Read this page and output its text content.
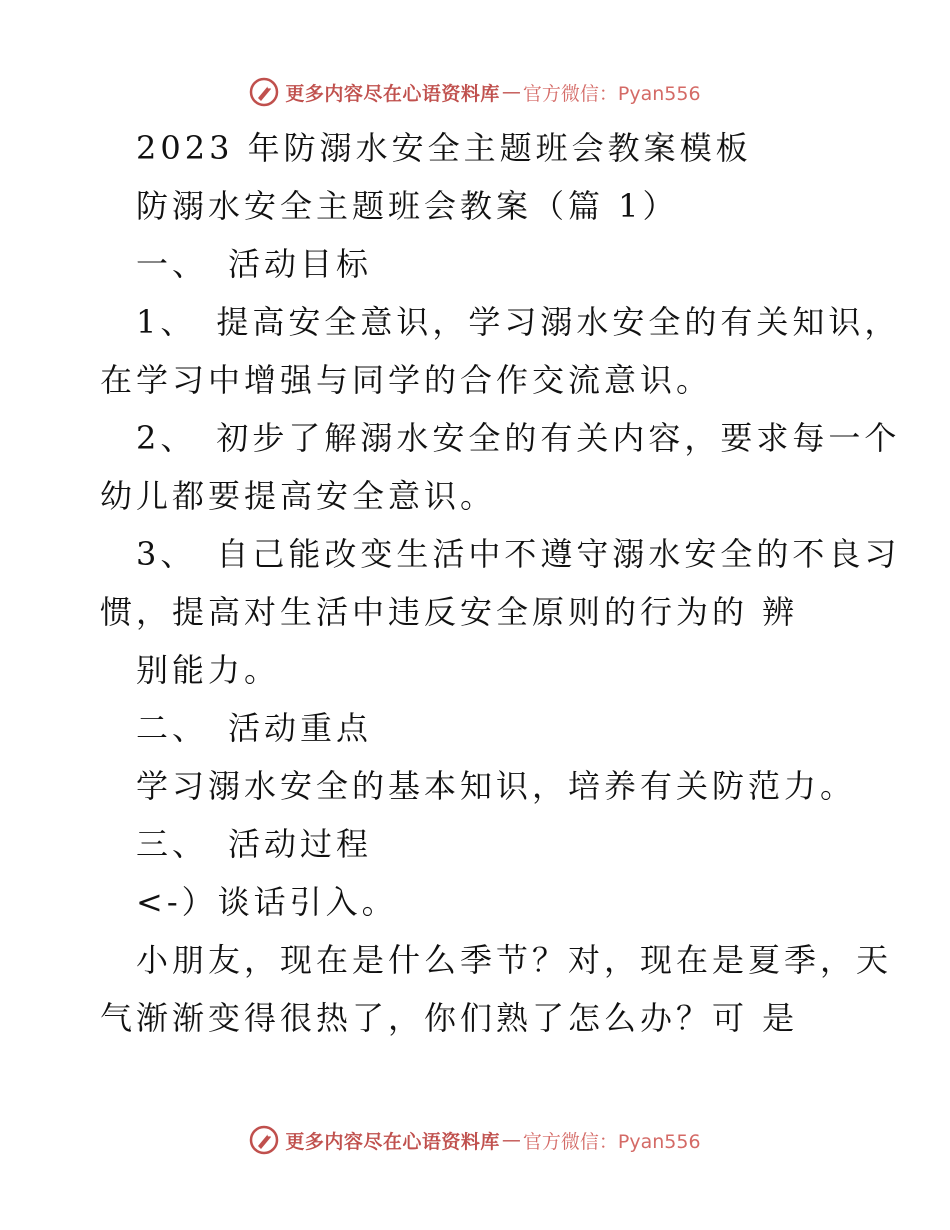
更多内容尽在心语资料库 — 官方微信：Pyan556
2023 年防溺水安全主题班会教案模板
防溺水安全主题班会教案（篇 1）
一、　活动目标
1、　提高安全意识，学习溺水安全的有关知识，
在学习中增强与同学的合作交流意识。
2、　初步了解溺水安全的有关内容，要求每一个
幼儿都要提高安全意识。
3、　自己能改变生活中不遵守溺水安全的不良习
惯，提高对生活中违反安全原则的行为的 辨
别能力。
二、　活动重点
学习溺水安全的基本知识，培养有关防范力。
三、　活动过程
<-）谈话引入。
小朋友，现在是什么季节？对，现在是夏季，天
气渐渐变得很热了，你们熟了怎么办？可 是
更多内容尽在心语资料库 — 官方微信：Pyan556
